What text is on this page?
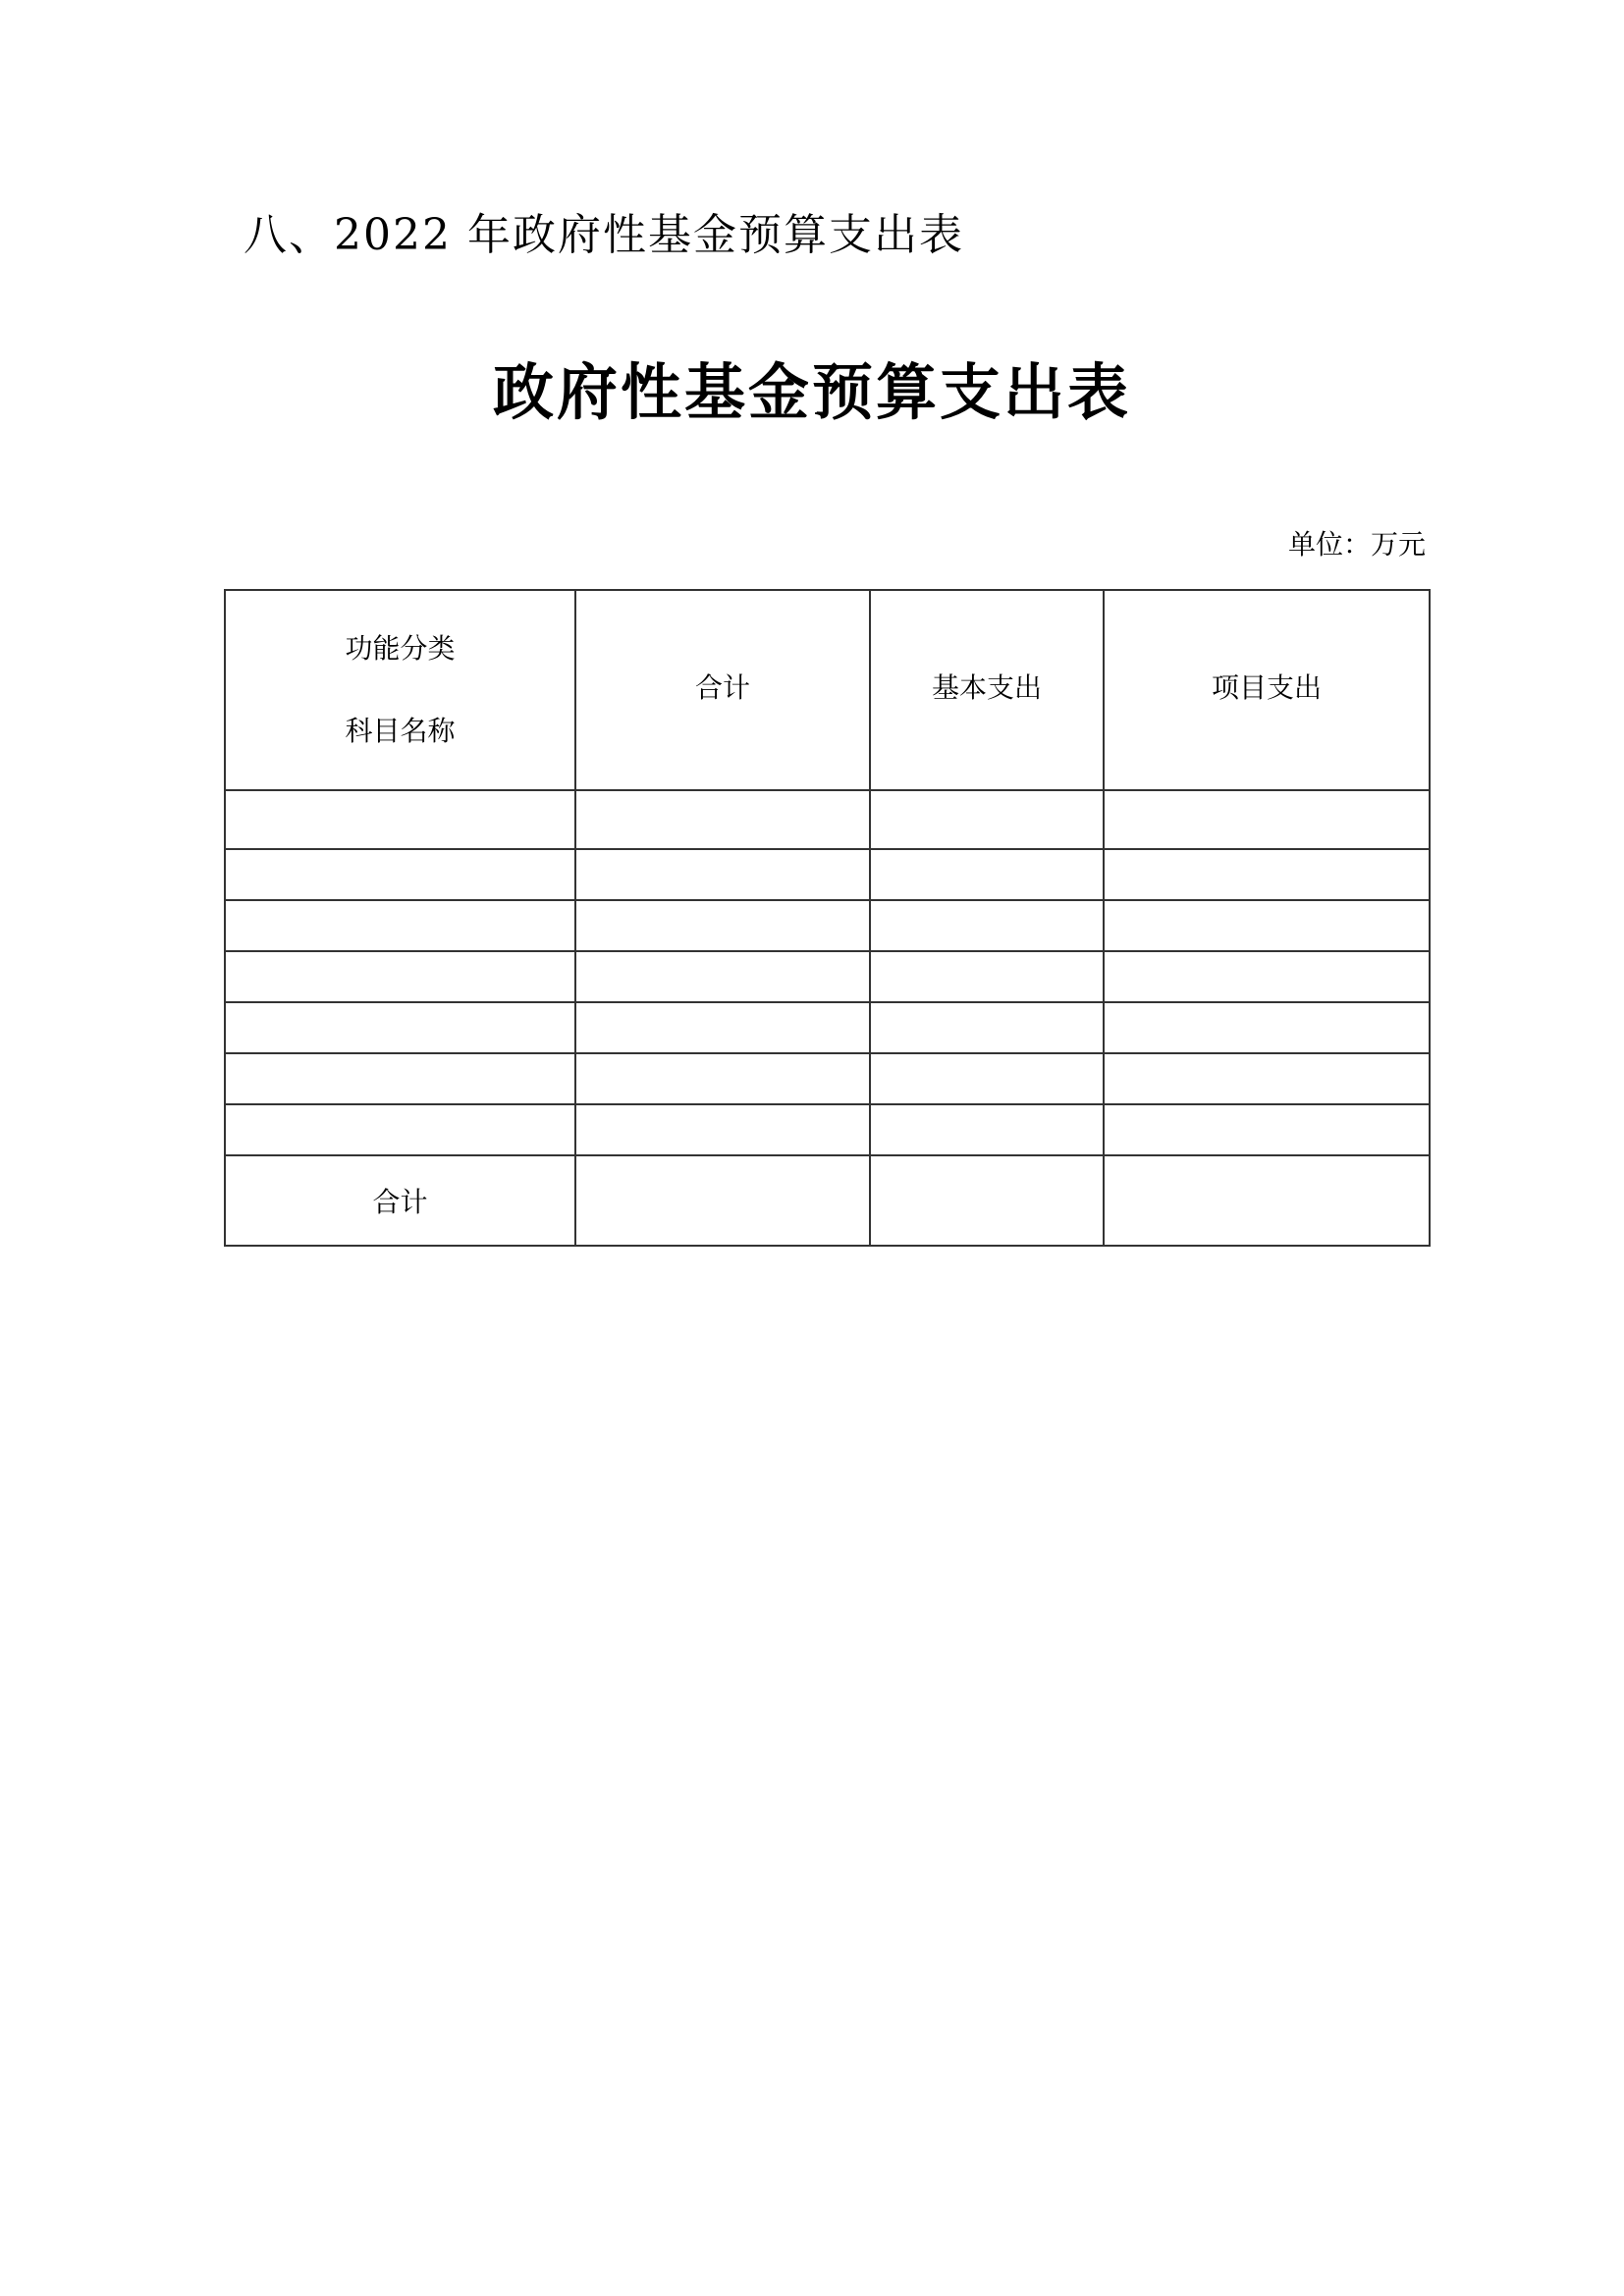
八、2022 年政府性基金预算支出表
政府性基金预算支出表
单位：万元
功能分类
科目名称	合计	基本支出	项目支出

合计			
